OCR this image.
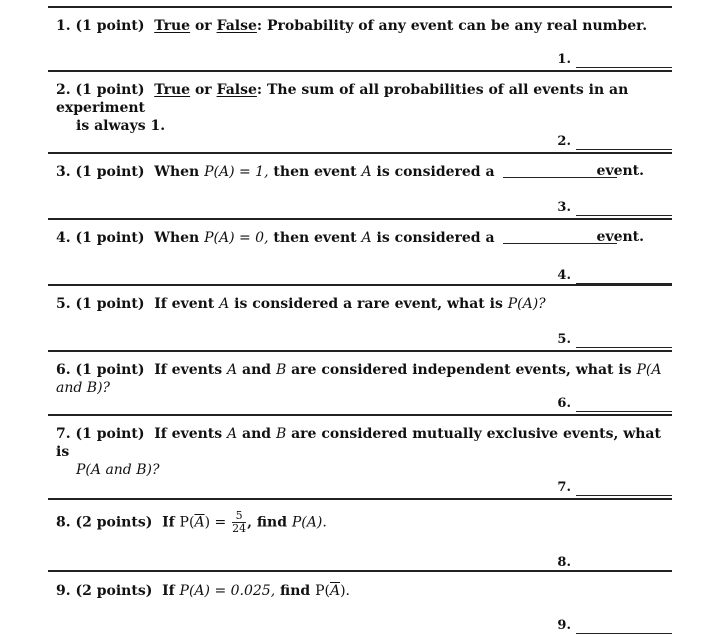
1. (1 point) True or False: Probability of any event can be any real number.
1.
2. (1 point) True or False: The sum of all probabilities of all events in an experiment
is always 1.
2.
3. (1 point) When P(A) = 1, then event A is considered a	event.
3.
4. (1 point) When P(A) = 0, then event A is considered a	event.
4.
5. (1 point) If event A is considered a rare event, what is P(A)?
5.
6. (1 point) If events A and B are considered independent events, what is P(A and B)?
6.
7. (1 point) If events A and B are considered mutually exclusive events, what is
P(A and B)?
7.
8. (2 points) If $P(\overline{A}) = \frac{5}{24}$ , find P(A).
8.
9. (2 points) If P(A) = 0.025, find $P(\overline{A})$.
9.
